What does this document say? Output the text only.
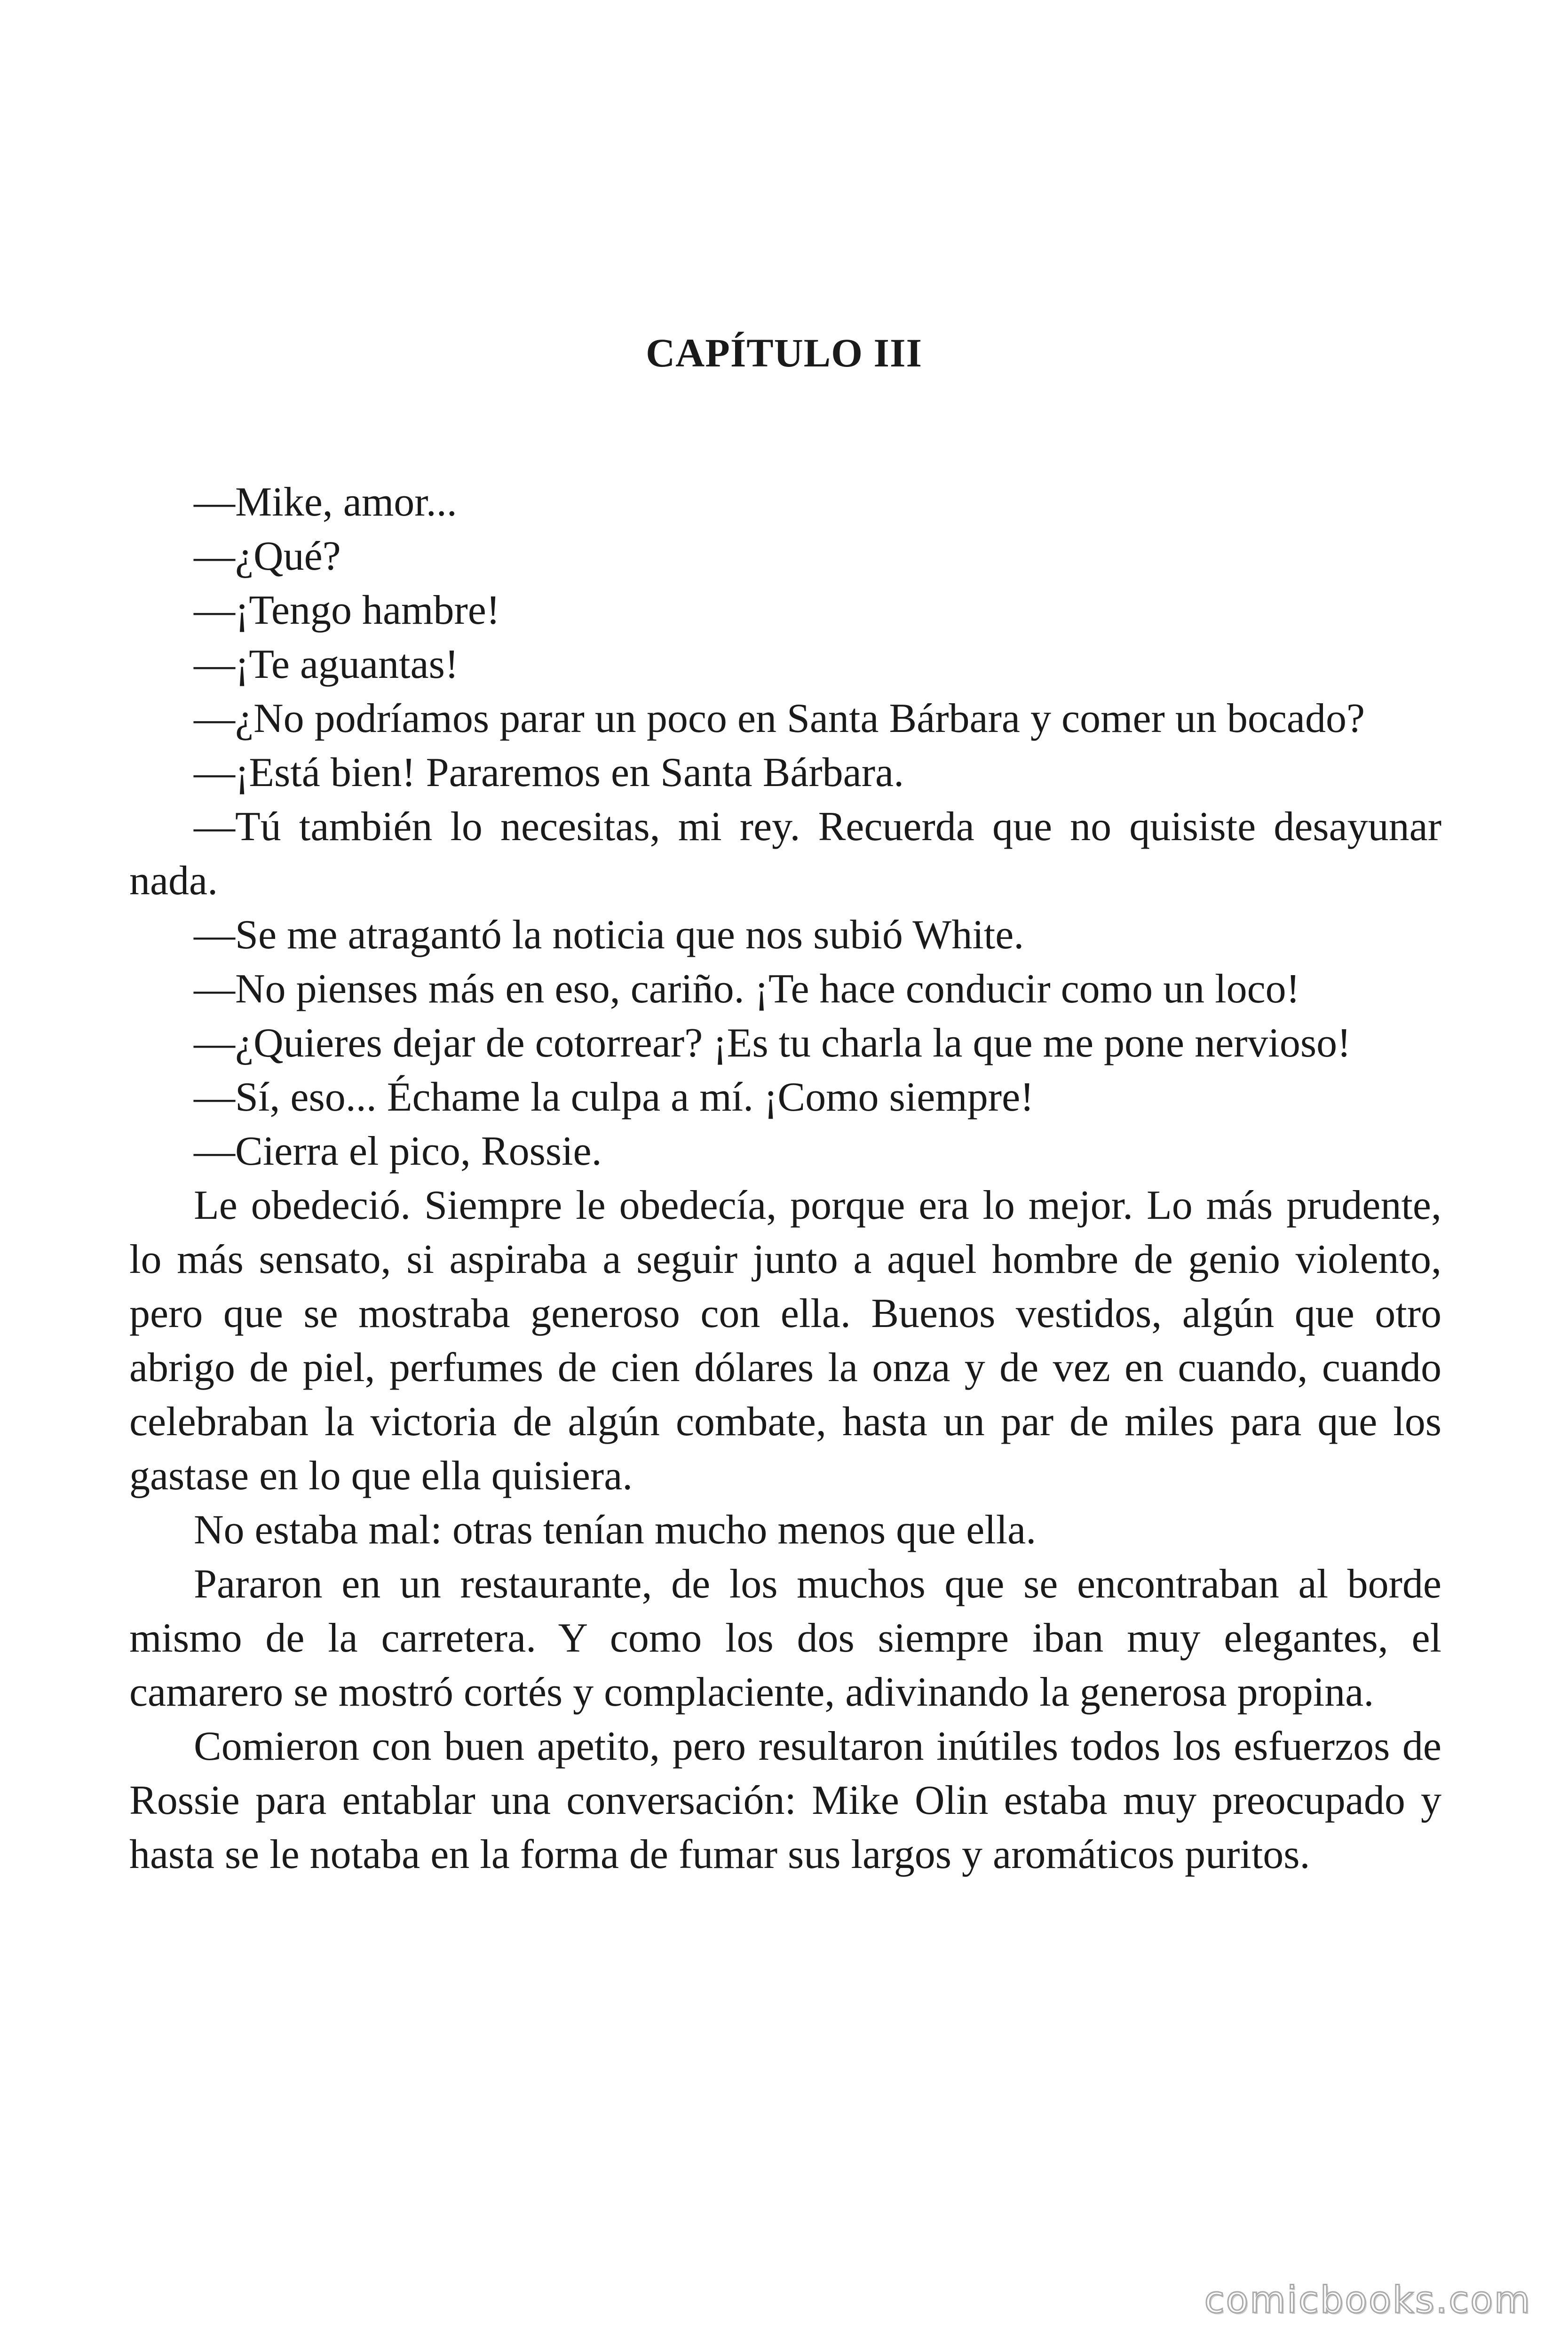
CAPÍTULO III

—Mike, amor...

—¿Qué?

—¡Tengo hambre!

—¡Te aguantas!

—¿No podríamos parar un poco en Santa Bárbara y comer un bocado?

—¡Está bien! Pararemos en Santa Bárbara.

—Tú también lo necesitas, mi rey. Recuerda que no quisiste desayunar nada.

—Se me atragantó la noticia que nos subió White.

—No pienses más en eso, cariño. ¡Te hace conducir como un loco!

—¿Quieres dejar de cotorrear? ¡Es tu charla la que me pone nervioso!

—Sí, eso... Échame la culpa a mí. ¡Como siempre!

—Cierra el pico, Rossie.

Le obedeció. Siempre le obedecía, porque era lo mejor. Lo más prudente, lo más sensato, si aspiraba a seguir junto a aquel hombre de genio violento, pero que se mostraba generoso con ella. Buenos vestidos, algún que otro abrigo de piel, perfumes de cien dólares la onza y de vez en cuando, cuando celebraban la victoria de algún combate, hasta un par de miles para que los gastase en lo que ella quisiera.

No estaba mal: otras tenían mucho menos que ella.

Pararon en un restaurante, de los muchos que se encontraban al borde mismo de la carretera. Y como los dos siempre iban muy elegantes, el camarero se mostró cortés y complaciente, adivinando la generosa propina.

Comieron con buen apetito, pero resultaron inútiles todos los esfuerzos de Rossie para entablar una conversación: Mike Olin estaba muy preocupado y hasta se le notaba en la forma de fumar sus largos y aromáticos puritos.

comicbooks.com
